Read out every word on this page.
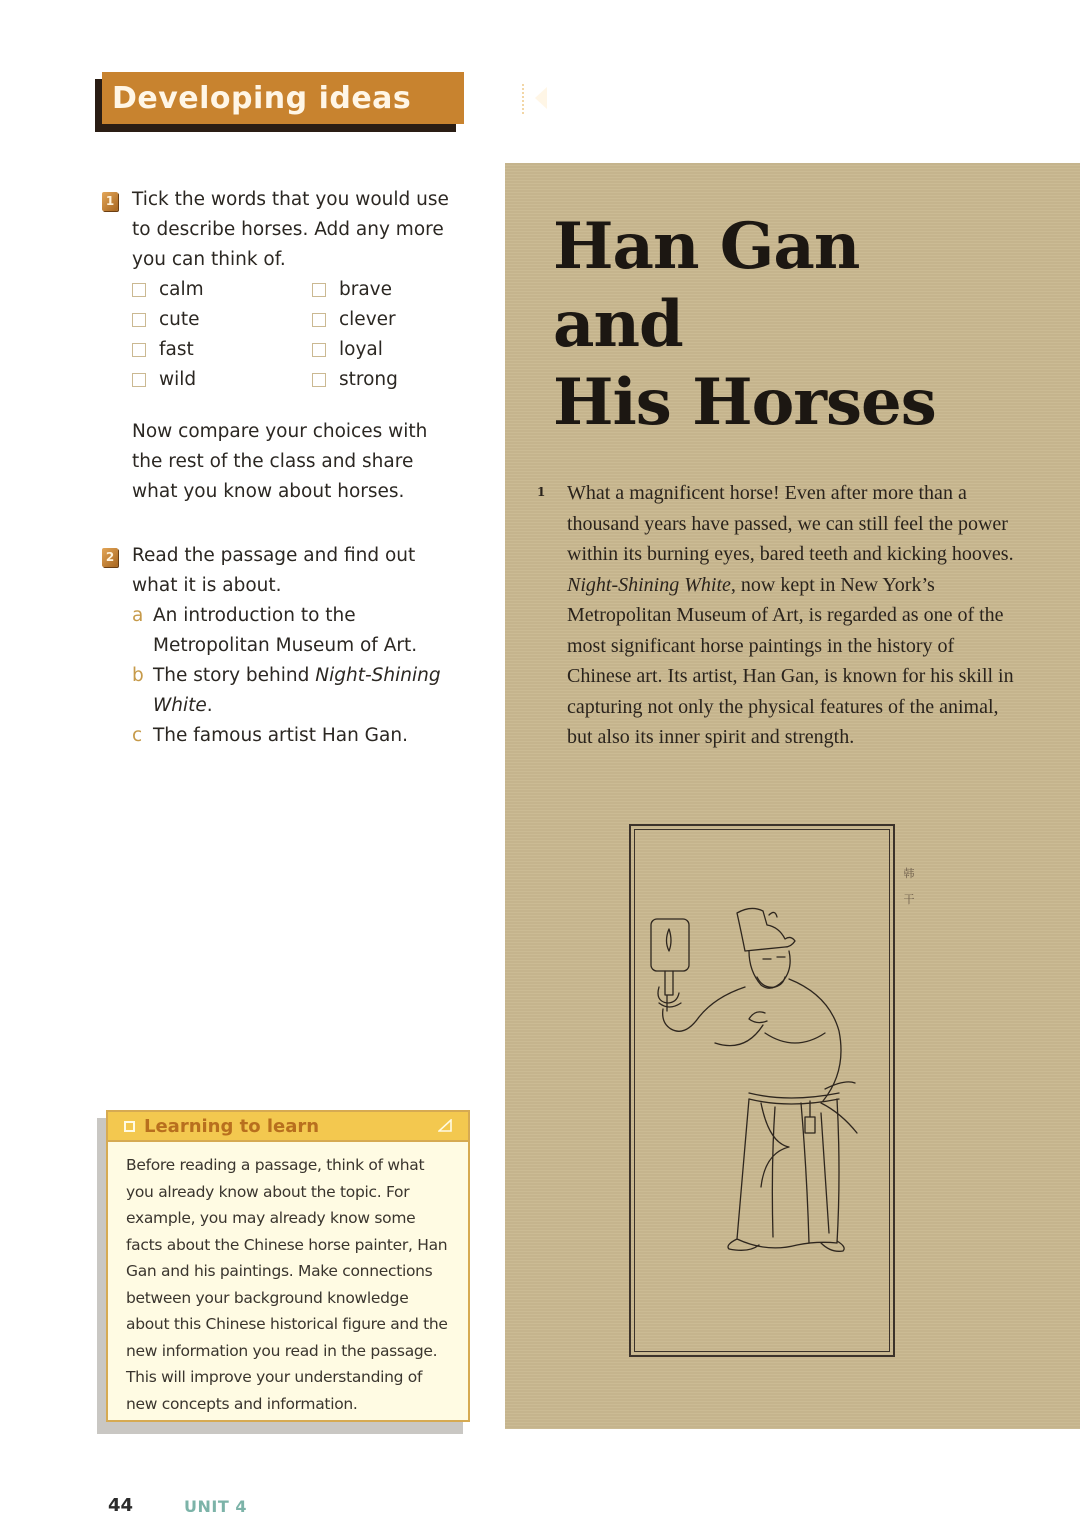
Developing ideas
1 Tick the words that you would use to describe horses. Add any more you can think of.
calm	brave
cute	clever
fast	loyal
wild	strong
Now compare your choices with the rest of the class and share what you know about horses.
2 Read the passage and find out what it is about.
a An introduction to the Metropolitan Museum of Art.
b The story behind Night-Shining White.
c The famous artist Han Gan.
Learning to learn
Before reading a passage, think of what you already know about the topic. For example, you may already know some facts about the Chinese horse painter, Han Gan and his paintings. Make connections between your background knowledge about this Chinese historical figure and the new information you read in the passage. This will improve your understanding of new concepts and information.
44	UNIT 4
Han Gan
and
His Horses
1 What a magnificent horse! Even after more than a thousand years have passed, we can still feel the power within its burning eyes, bared teeth and kicking hooves. Night-Shining White, now kept in New York’s Metropolitan Museum of Art, is regarded as one of the most significant horse paintings in the history of Chinese art. Its artist, Han Gan, is known for his skill in capturing not only the physical features of the animal, but also its inner spirit and strength.
韩
干
